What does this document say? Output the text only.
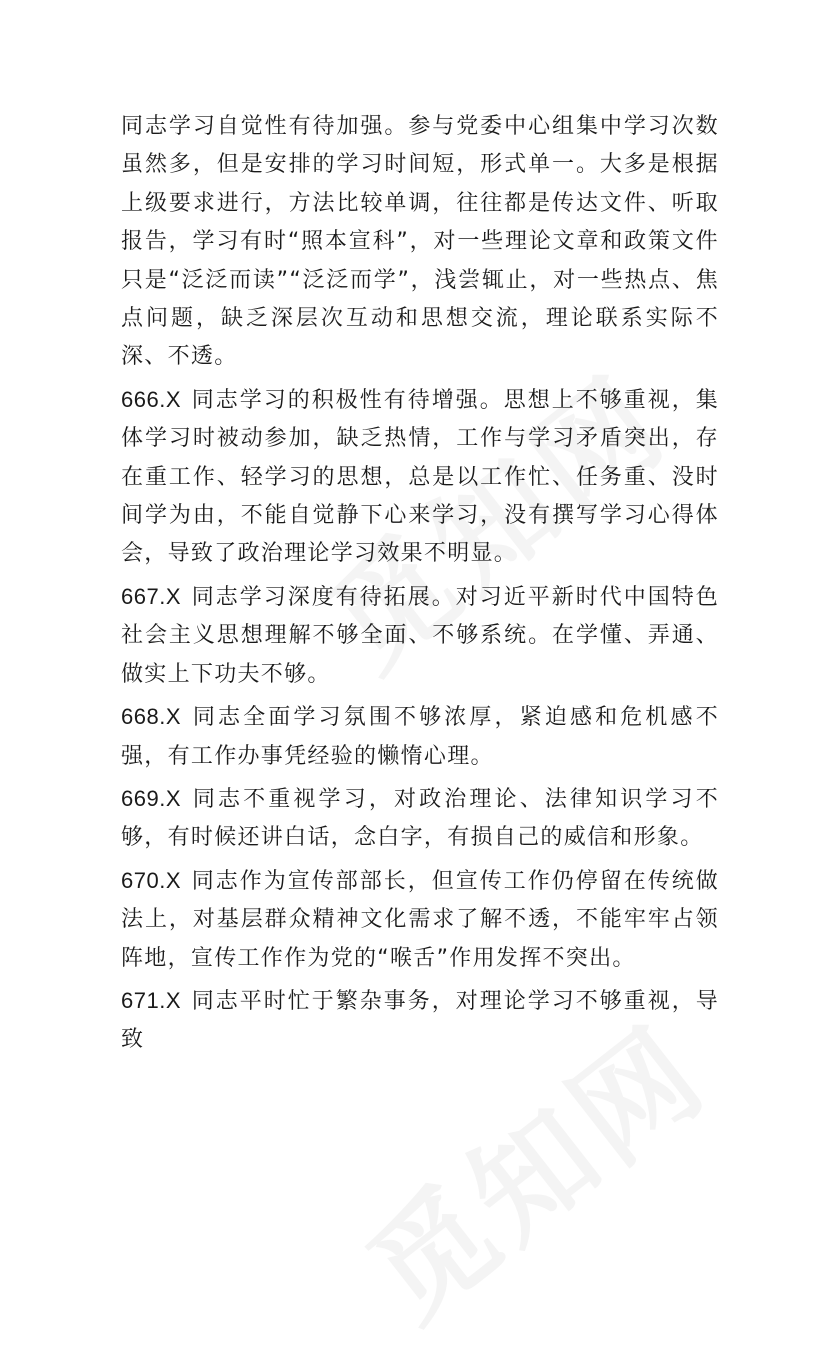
同志学习自觉性有待加强。参与党委中心组集中学习次数虽然多，但是安排的学习时间短，形式单一。大多是根据上级要求进行，方法比较单调，往往都是传达文件、听取报告，学习有时“照本宣科”，对一些理论文章和政策文件只是“泛泛而读”“泛泛而学”，浅尝辄止，对一些热点、焦点问题，缺乏深层次互动和思想交流，理论联系实际不深、不透。

666.X 同志学习的积极性有待增强。思想上不够重视，集体学习时被动参加，缺乏热情，工作与学习矛盾突出，存在重工作、轻学习的思想，总是以工作忙、任务重、没时间学为由，不能自觉静下心来学习，没有撰写学习心得体会，导致了政治理论学习效果不明显。

667.X 同志学习深度有待拓展。对习近平新时代中国特色社会主义思想理解不够全面、不够系统。在学懂、弄通、做实上下功夫不够。

668.X 同志全面学习氛围不够浓厚，紧迫感和危机感不强，有工作办事凭经验的懒惰心理。

669.X 同志不重视学习，对政治理论、法律知识学习不够，有时候还讲白话，念白字，有损自己的威信和形象。

670.X 同志作为宣传部部长，但宣传工作仍停留在传统做法上，对基层群众精神文化需求了解不透，不能牢牢占领阵地，宣传工作作为党的“喉舌”作用发挥不突出。

671.X 同志平时忙于繁杂事务，对理论学习不够重视，导致
